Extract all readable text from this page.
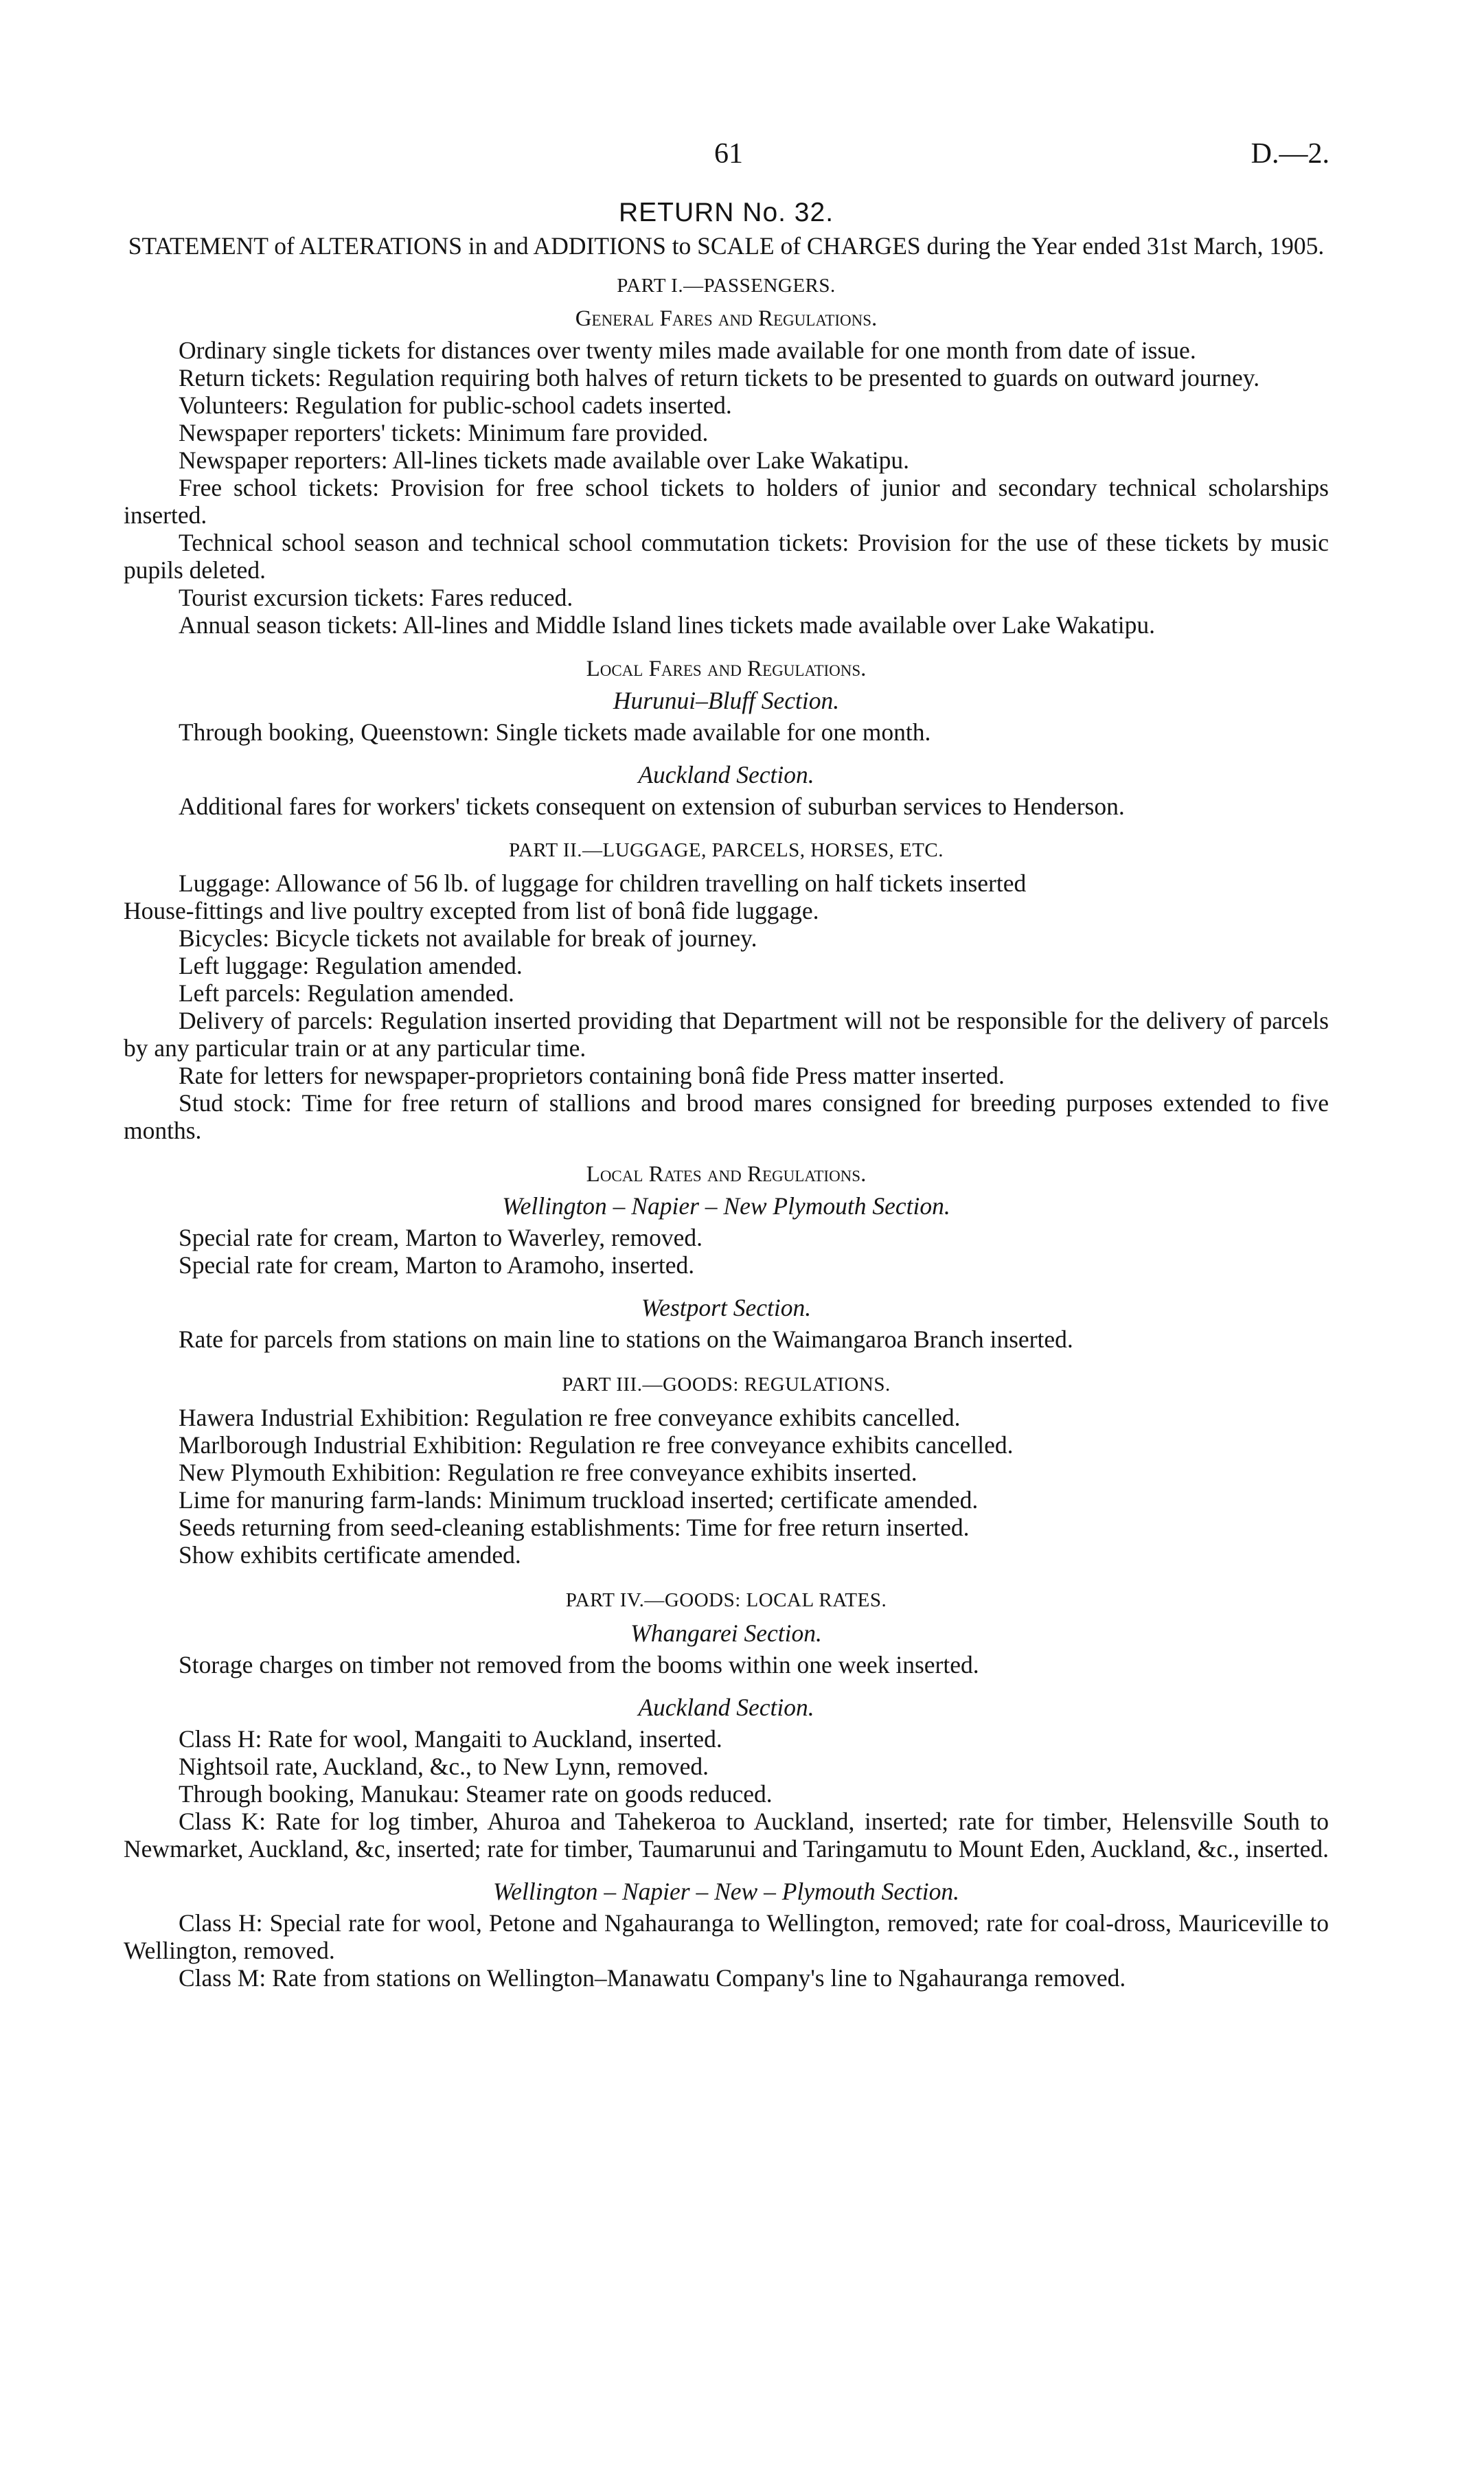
61	D.—2.
RETURN No. 32.
STATEMENT of ALTERATIONS in and ADDITIONS to SCALE of CHARGES during the Year ended 31st March, 1905.
PART I.—PASSENGERS.
General Fares and Regulations.

Ordinary single tickets for distances over twenty miles made available for one month from date of issue.

Return tickets: Regulation requiring both halves of return tickets to be presented to guards on outward journey.

Volunteers: Regulation for public-school cadets inserted.

Newspaper reporters' tickets: Minimum fare provided.

Newspaper reporters: All-lines tickets made available over Lake Wakatipu.

Free school tickets: Provision for free school tickets to holders of junior and secondary technical scholarships inserted.

Technical school season and technical school commutation tickets: Provision for the use of these tickets by music pupils deleted.

Tourist excursion tickets: Fares reduced.

Annual season tickets: All-lines and Middle Island lines tickets made available over Lake Wakatipu.

Local Fares and Regulations.
Hurunui–Bluff Section.

Through booking, Queenstown: Single tickets made available for one month.

Auckland Section.

Additional fares for workers' tickets consequent on extension of suburban services to Henderson.

PART II.—LUGGAGE, PARCELS, HORSES, ETC.

Luggage: Allowance of 56 lb. of luggage for children travelling on half tickets inserted

House-fittings and live poultry excepted from list of bonâ fide luggage.

Bicycles: Bicycle tickets not available for break of journey.

Left luggage: Regulation amended.

Left parcels: Regulation amended.

Delivery of parcels: Regulation inserted providing that Department will not be responsible for the delivery of parcels by any particular train or at any particular time.

Rate for letters for newspaper-proprietors containing bonâ fide Press matter inserted.

Stud stock: Time for free return of stallions and brood mares consigned for breeding purposes extended to five months.

Local Rates and Regulations.
Wellington – Napier – New Plymouth Section.

Special rate for cream, Marton to Waverley, removed.

Special rate for cream, Marton to Aramoho, inserted.

Westport Section.

Rate for parcels from stations on main line to stations on the Waimangaroa Branch inserted.

PART III.—GOODS: REGULATIONS.

Hawera Industrial Exhibition: Regulation re free conveyance exhibits cancelled.

Marlborough Industrial Exhibition: Regulation re free conveyance exhibits cancelled.

New Plymouth Exhibition: Regulation re free conveyance exhibits inserted.

Lime for manuring farm-lands: Minimum truckload inserted; certificate amended.

Seeds returning from seed-cleaning establishments: Time for free return inserted.

Show exhibits certificate amended.

PART IV.—GOODS: LOCAL RATES.
Whangarei Section.

Storage charges on timber not removed from the booms within one week inserted.

Auckland Section.

Class H: Rate for wool, Mangaiti to Auckland, inserted.

Nightsoil rate, Auckland, &c., to New Lynn, removed.

Through booking, Manukau: Steamer rate on goods reduced.

Class K: Rate for log timber, Ahuroa and Tahekeroa to Auckland, inserted; rate for timber, Helensville South to Newmarket, Auckland, &c, inserted; rate for timber, Taumarunui and Taringamutu to Mount Eden, Auckland, &c., inserted.

Wellington – Napier – New – Plymouth Section.

Class H: Special rate for wool, Petone and Ngahauranga to Wellington, removed; rate for coal-dross, Mauriceville to Wellington, removed.

Class M: Rate from stations on Wellington–Manawatu Company's line to Ngahauranga removed.
